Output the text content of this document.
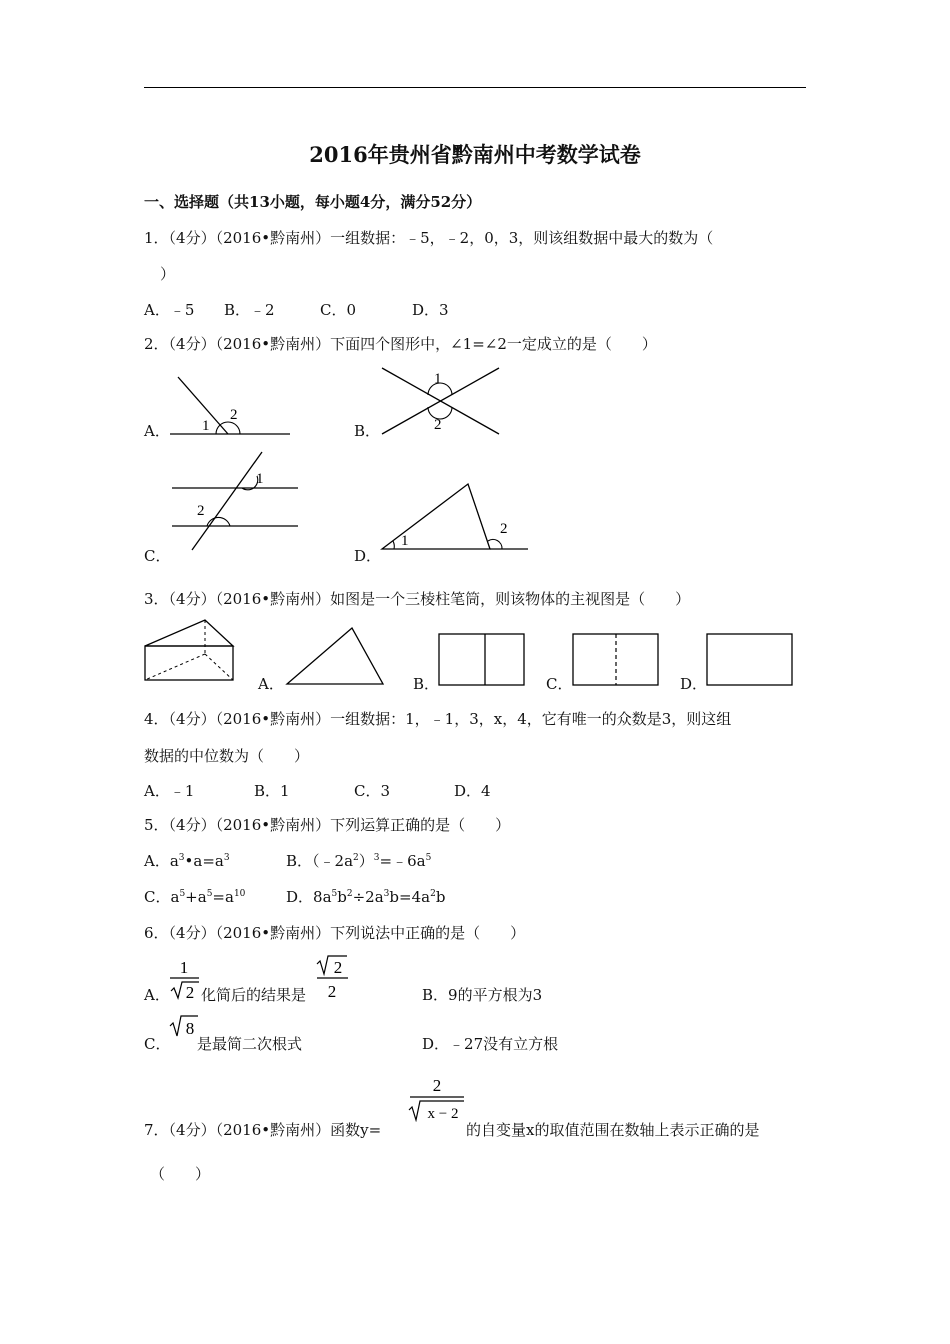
2016年贵州省黔南州中考数学试卷
一、选择题（共13小题，每小题4分，满分52分）
1．（4分）（2016•黔南州）一组数据：﹣5，﹣2，0，3，则该组数据中最大的数为（
）
A．﹣5 B．﹣2	C．0	D．3
2．（4分）（2016•黔南州）下面四个图形中，∠1=∠2一定成立的是（　　）
A． 1
2
B．
1
2
C．
1
2
D．
1
2
3．（4分）（2016•黔南州）如图是一个三棱柱笔筒，则该物体的主视图是（　　）
A．	B．	C．	D．
4．（4分）（2016•黔南州）一组数据：1，﹣1，3，x，4，它有唯一的众数是3，则这组
数据的中位数为（　　）
A．﹣1	B．1	C．3	D．4
5．（4分）（2016•黔南州）下列运算正确的是（　　）
A．$a^3•a=a^3$	B．$(﹣2a^2)^3=﹣6a^5$
C．$a^5+a^5=a^{10}$	D．$8a^5b^2\div 2a^3b=4a^2b$
6．（4分）（2016•黔南州）下列说法中正确的是（　　）
A．
1
2 化简后的结果是
2
2	B．9的平方根为3
C．
8
是最简二次根式	D．﹣27没有立方根
7．（4分）（2016•黔南州）函数y=
2
x − 2
的自变量x的取值范围在数轴上表示正确的是
（　　）
